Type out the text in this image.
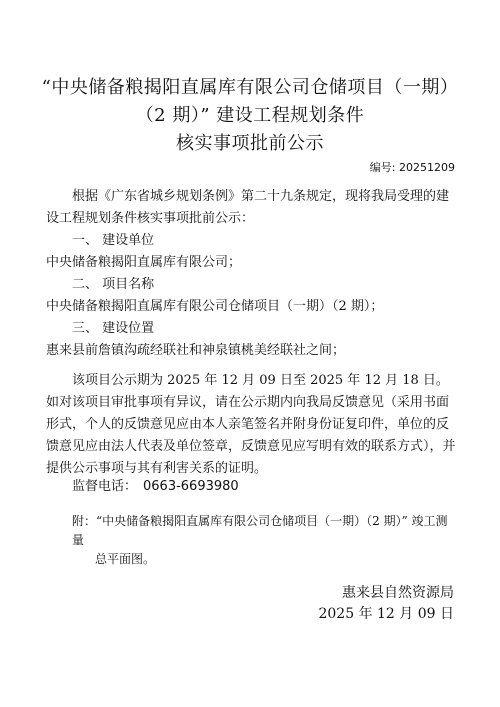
“中央储备粮揭阳直属库有限公司仓储项目（一期）
（2 期）” 建设工程规划条件
核实事项批前公示
编号: 20251209

根据《广东省城乡规划条例》第二十九条规定，现将我局受理的建设工程规划条件核实事项批前公示：

一、 建设单位

中央储备粮揭阳直属库有限公司；

二、 项目名称

中央储备粮揭阳直属库有限公司仓储项目（一期）（2 期）；

三、 建设位置

惠来县前詹镇沟疏经联社和神泉镇桃美经联社之间；

该项目公示期为 2025 年 12 月 09 日至 2025 年 12 月 18 日。如对该项目审批事项有异议，请在公示期内向我局反馈意见（采用书面形式，个人的反馈意见应由本人亲笔签名并附身份证复印件，单位的反馈意见应由法人代表及单位签章，反馈意见应写明有效的联系方式），并提供公示事项与其有利害关系的证明。

监督电话： 0663-6693980
附：“中央储备粮揭阳直属库有限公司仓储项目（一期）（2 期）” 竣工测量
总平面图。
惠来县自然资源局
2025 年 12 月 09 日
